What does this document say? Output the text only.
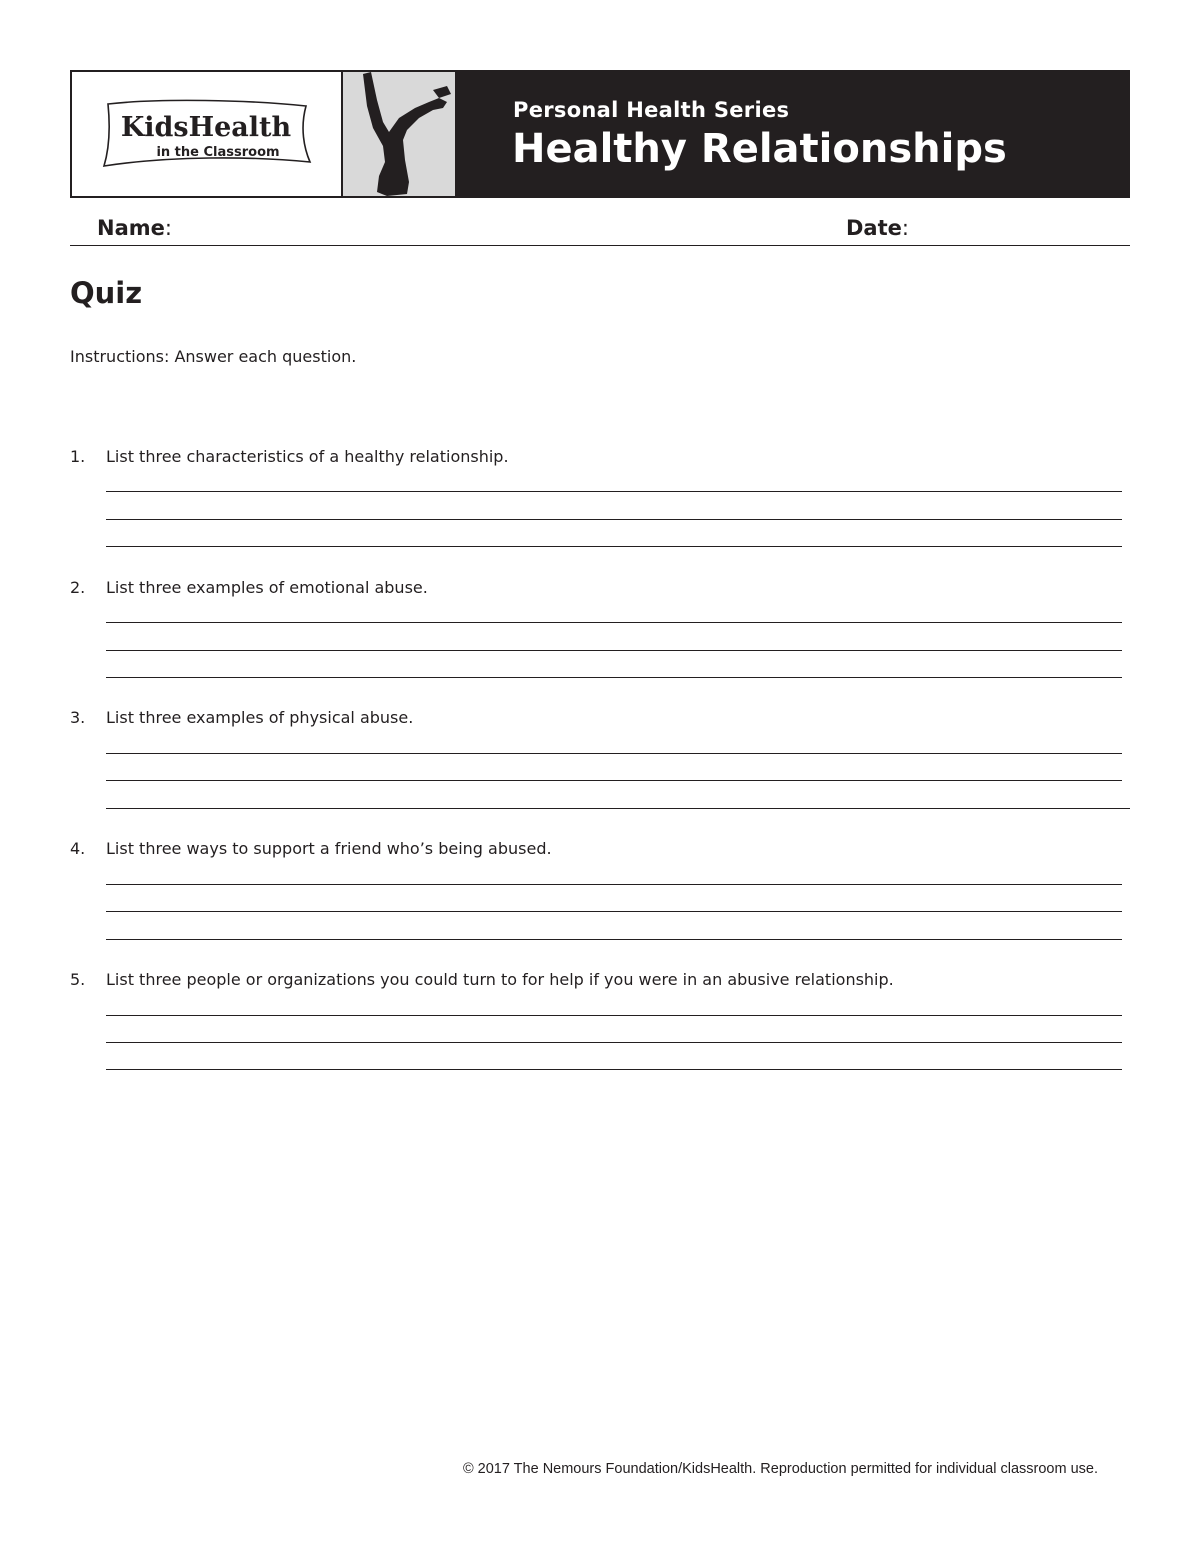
KidsHealth
in the Classroom
Personal Health Series
Healthy Relationships
Name:	Date:
Quiz
Instructions: Answer each question.
1. List three characteristics of a healthy relationship.
2. List three examples of emotional abuse.
3. List three examples of physical abuse.
4. List three ways to support a friend who’s being abused.
5. List three people or organizations you could turn to for help if you were in an abusive relationship.
© 2017 The Nemours Foundation/KidsHealth. Reproduction permitted for individual classroom use.
